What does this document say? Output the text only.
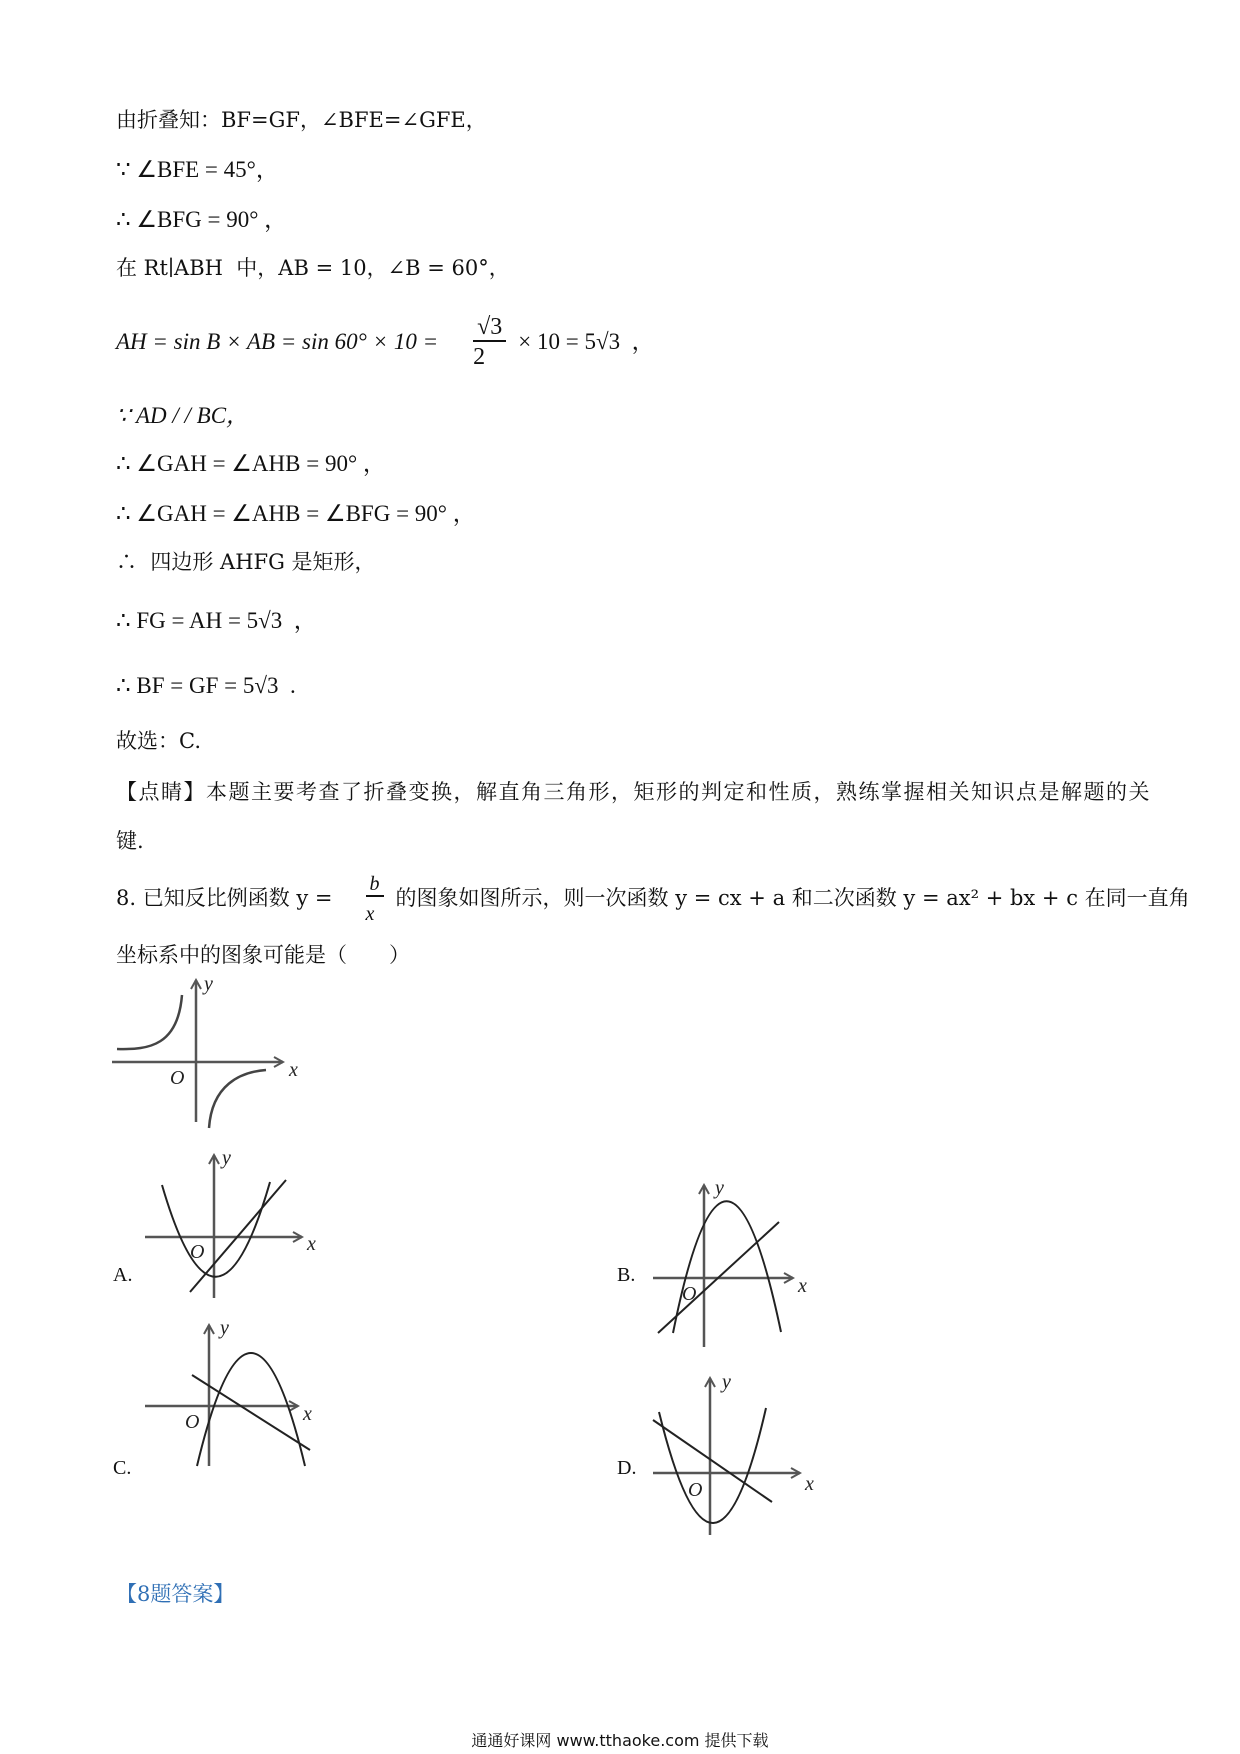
由折叠知：BF=GF，∠BFE=∠GFE，
∵ ∠BFE = 45°，
∴ ∠BFG = 90° ，
在 Rt∣ABH  中，AB = 10，∠B = 60°，
AH = sin B × AB = $\sin 60^\circ \times 10 = \frac{√3}{2}$
× 10 = 5√3  ，
∵ AD / / BC，
∴ ∠GAH = ∠AHB = 90° ，
∴ ∠GAH = ∠AHB = ∠BFG = 90° ，
∴  四边形 AHFG 是矩形，
∴ FG = AH = 5√3  ，
∴ BF = GF = 5√3  .
故选：C.
【点睛】本题主要考查了折叠变换，解直角三角形，矩形的判定和性质，熟练掌握相关知识点是解题的关
键.
8. 已知反比例函数 $y = \frac{b}{x}$
的图象如图所示，则一次函数 y = cx + a 和二次函数 y = ax² + bx + c 在同一直角
坐标系中的图象可能是（　　）
y
x
O
y
x
O
y
x
O
y
x
O
y
x
O
A.	B.
C.	D.
【8题答案】
通通好课网 www.tthaoke.com 提供下载
